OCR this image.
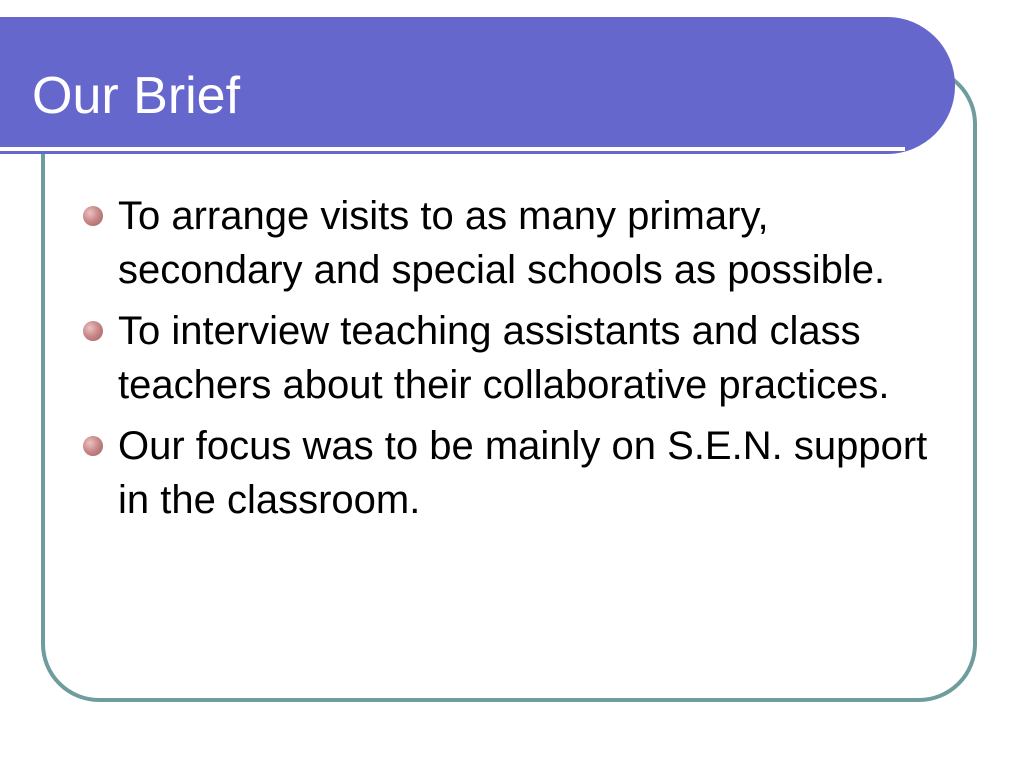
Our Brief
To arrange visits to as many primary, secondary and special schools as possible.
To interview teaching assistants and class teachers about their collaborative practices.
Our focus was to be mainly on S.E.N. support in the classroom.
